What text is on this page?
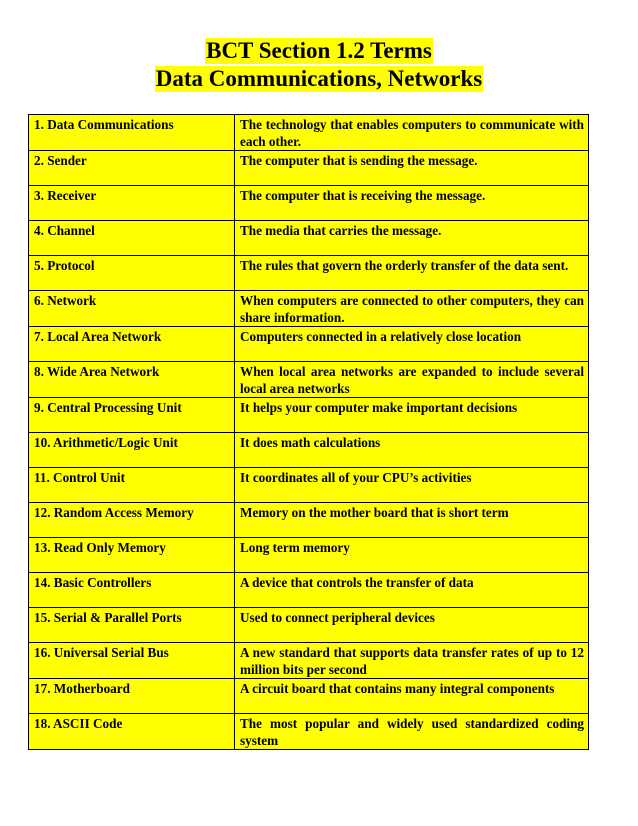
BCT Section 1.2 Terms
Data Communications, Networks
1. Data Communications	The technology that enables computers to communicate with each other.
2. Sender	The computer that is sending the message.
3. Receiver	The computer that is receiving the message.
4. Channel	The media that carries the message.
5. Protocol	The rules that govern the orderly transfer of the data sent.
6. Network	When computers are connected to other computers, they can share information.
7. Local Area Network	Computers connected in a relatively close location
8. Wide Area Network	When local area networks are expanded to include several local area networks
9. Central Processing Unit	It helps your computer make important decisions
10. Arithmetic/Logic Unit	It does math calculations
11. Control Unit	It coordinates all of your CPU’s activities
12. Random Access Memory	Memory on the mother board that is short term
13. Read Only Memory	Long term memory
14. Basic Controllers	A device that controls the transfer of data
15. Serial & Parallel Ports	Used to connect peripheral devices
16. Universal Serial Bus	A new standard that supports data transfer rates of up to 12 million bits per second
17. Motherboard	A circuit board that contains many integral components
18. ASCII Code	The most popular and widely used standardized coding system
